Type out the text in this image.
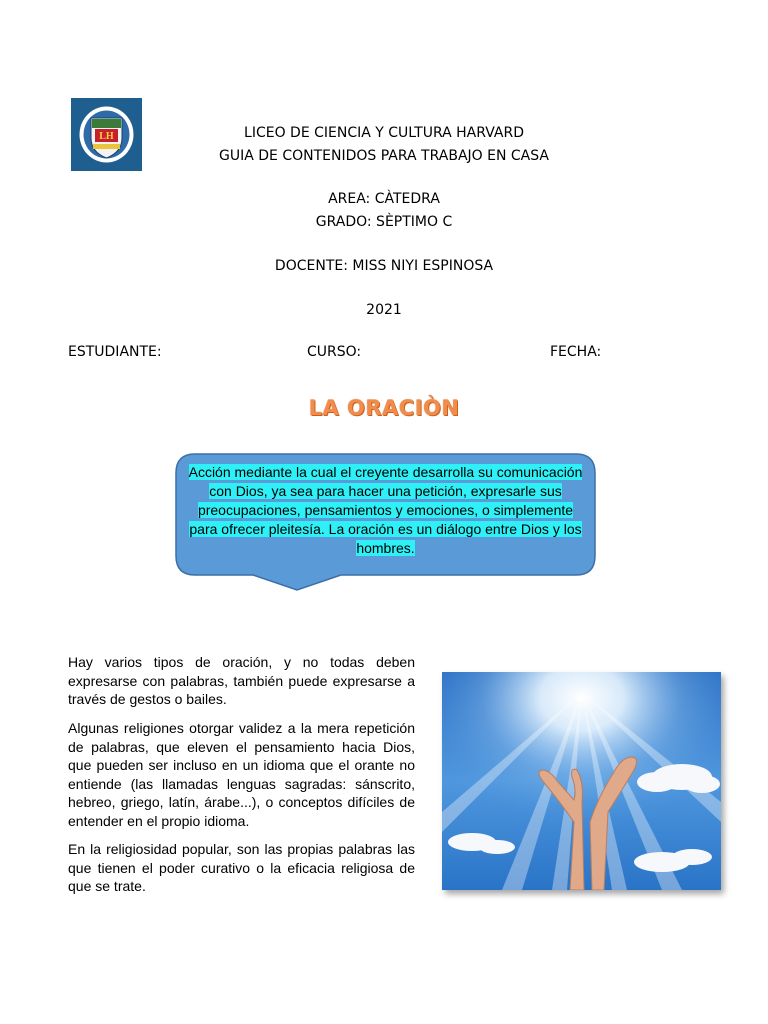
LH	LICEO DE CIENCIA Y CULTURA HARVARD
GUIA DE CONTENIDOS PARA TRABAJO EN CASA
AREA: CÀTEDRA
GRADO: SÈPTIMO C
DOCENTE: MISS NIYI ESPINOSA
2021
ESTUDIANTE:	CURSO:	FECHA:
LA ORACIÒN
Acción mediante la cual el creyente desarrolla su comunicación con Dios, ya sea para hacer una petición, expresarle sus preocupaciones, pensamientos y emociones, o simplemente para ofrecer pleitesía. La oración es un diálogo entre Dios y los hombres.

Hay varios tipos de oración, y no todas deben expresarse con palabras, también puede expresarse a través de gestos o bailes.

Algunas religiones otorgar validez a la mera repetición de palabras, que eleven el pensamiento hacia Dios, que pueden ser incluso en un idioma que el orante no entiende (las llamadas lenguas sagradas: sánscrito, hebreo, griego, latín, árabe...), o conceptos difíciles de entender en el propio idioma.

En la religiosidad popular, son las propias palabras las que tienen el poder curativo o la eficacia religiosa de que se trate.
